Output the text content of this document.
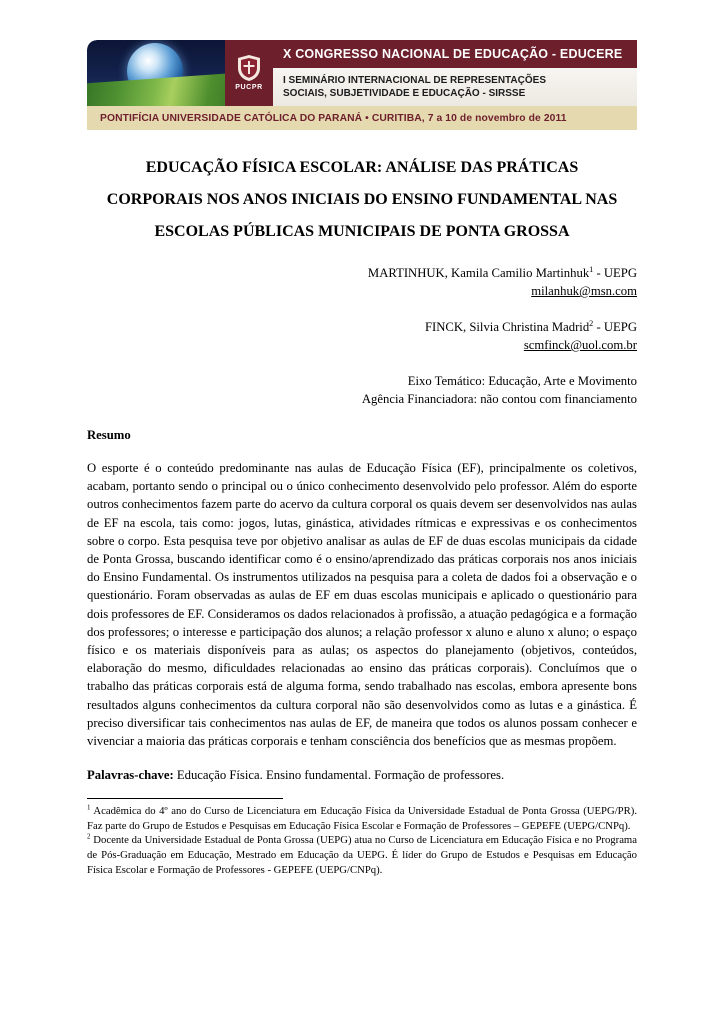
PUCPR
X CONGRESSO NACIONAL DE EDUCAÇÃO - EDUCERE
I SEMINÁRIO INTERNACIONAL DE REPRESENTAÇÕES
SOCIAIS, SUBJETIVIDADE E EDUCAÇÃO - SIRSSE
PONTIFÍCIA UNIVERSIDADE CATÓLICA DO PARANÁ • CURITIBA, 7 a 10 de novembro de 2011
EDUCAÇÃO FÍSICA ESCOLAR: ANÁLISE DAS PRÁTICAS
CORPORAIS NOS ANOS INICIAIS DO ENSINO FUNDAMENTAL NAS
ESCOLAS PÚBLICAS MUNICIPAIS DE PONTA GROSSA
MARTINHUK, Kamila Camilio Martinhuk$^1$ - UEPG
milanhuk@msn.com
FINCK, Silvia Christina Madrid$^2$ - UEPG
scmfinck@uol.com.br
Eixo Temático: Educação, Arte e Movimento
Agência Financiadora: não contou com financiamento
Resumo
O esporte é o conteúdo predominante nas aulas de Educação Física (EF), principalmente os coletivos, acabam, portanto sendo o principal ou o único conhecimento desenvolvido pelo professor. Além do esporte outros conhecimentos fazem parte do acervo da cultura corporal os quais devem ser desenvolvidos nas aulas de EF na escola, tais como: jogos, lutas, ginástica, atividades rítmicas e expressivas e os conhecimentos sobre o corpo. Esta pesquisa teve por objetivo analisar as aulas de EF de duas escolas municipais da cidade de Ponta Grossa, buscando identificar como é o ensino/aprendizado das práticas corporais nos anos iniciais do Ensino Fundamental. Os instrumentos utilizados na pesquisa para a coleta de dados foi a observação e o questionário. Foram observadas as aulas de EF em duas escolas municipais e aplicado o questionário para dois professores de EF. Consideramos os dados relacionados à profissão, a atuação pedagógica e a formação dos professores; o interesse e participação dos alunos; a relação professor x aluno e aluno x aluno; o espaço físico e os materiais disponíveis para as aulas; os aspectos do planejamento (objetivos, conteúdos, elaboração do mesmo, dificuldades relacionadas ao ensino das práticas corporais). Concluímos que o trabalho das práticas corporais está de alguma forma, sendo trabalhado nas escolas, embora apresente bons resultados alguns conhecimentos da cultura corporal não são desenvolvidos como as lutas e a ginástica. É preciso diversificar tais conhecimentos nas aulas de EF, de maneira que todos os alunos possam conhecer e vivenciar a maioria das práticas corporais e tenham consciência dos benefícios que as mesmas propõem.
Palavras-chave: Educação Física. Ensino fundamental. Formação de professores.

$^1$ Acadêmica do 4º ano do Curso de Licenciatura em Educação Física da Universidade Estadual de Ponta Grossa (UEPG/PR). Faz parte do Grupo de Estudos e Pesquisas em Educação Física Escolar e Formação de Professores – GEPEFE (UEPG/CNPq).

$^2$ Docente da Universidade Estadual de Ponta Grossa (UEPG) atua no Curso de Licenciatura em Educação Física e no Programa de Pós-Graduação em Educação, Mestrado em Educação da UEPG. É líder do Grupo de Estudos e Pesquisas em Educação Física Escolar e Formação de Professores - GEPEFE (UEPG/CNPq).
